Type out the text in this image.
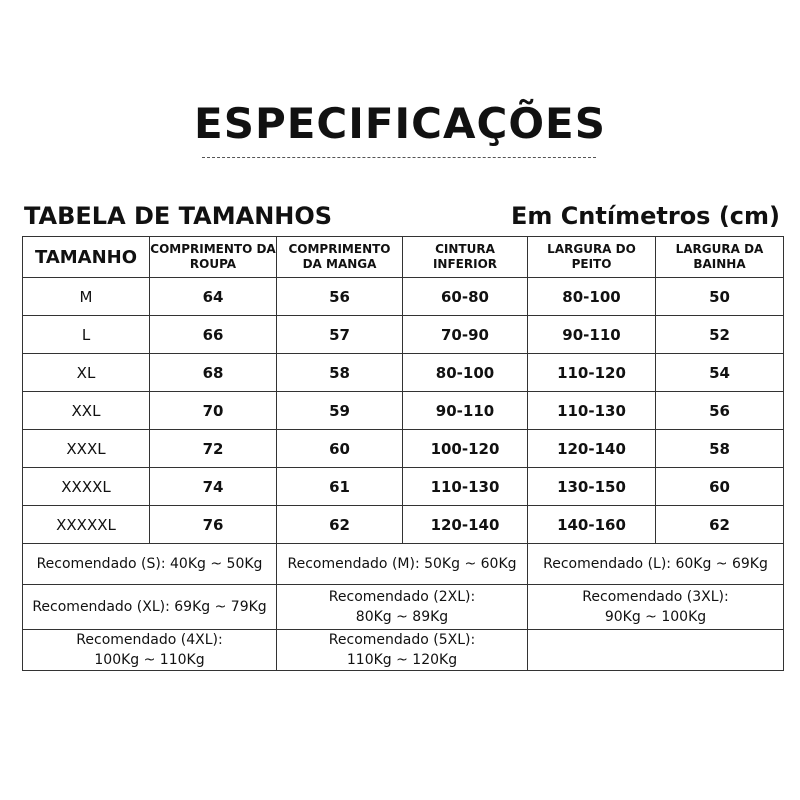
ESPECIFICAÇÕES
TABELA DE TAMANHOS	Em Cntímetros (cm)
TAMANHO	COMPRIMENTO DA ROUPA	COMPRIMENTO DA MANGA	CINTURA INFERIOR	LARGURA DO PEITO	LARGURA DA BAINHA
M	64	56	60-80	80-100	50
L	66	57	70-90	90-110	52
XL	68	58	80-100	110-120	54
XXL	70	59	90-110	110-130	56
XXXL	72	60	100-120	120-140	58
XXXXL	74	61	110-130	130-150	60
XXXXXL	76	62	120-140	140-160	62

Recomendado (S): 40Kg ~ 50Kg		Recomendado (M): 50Kg ~ 60Kg		Recomendado (L): 60Kg ~ 69Kg	

Recomendado (XL): 69Kg ~ 79Kg		Recomendado (2XL): 80Kg ~ 89Kg		Recomendado (3XL): 90Kg ~ 100Kg	

Recomendado (4XL): 100Kg ~ 110Kg		Recomendado (5XL): 110Kg ~ 120Kg			
